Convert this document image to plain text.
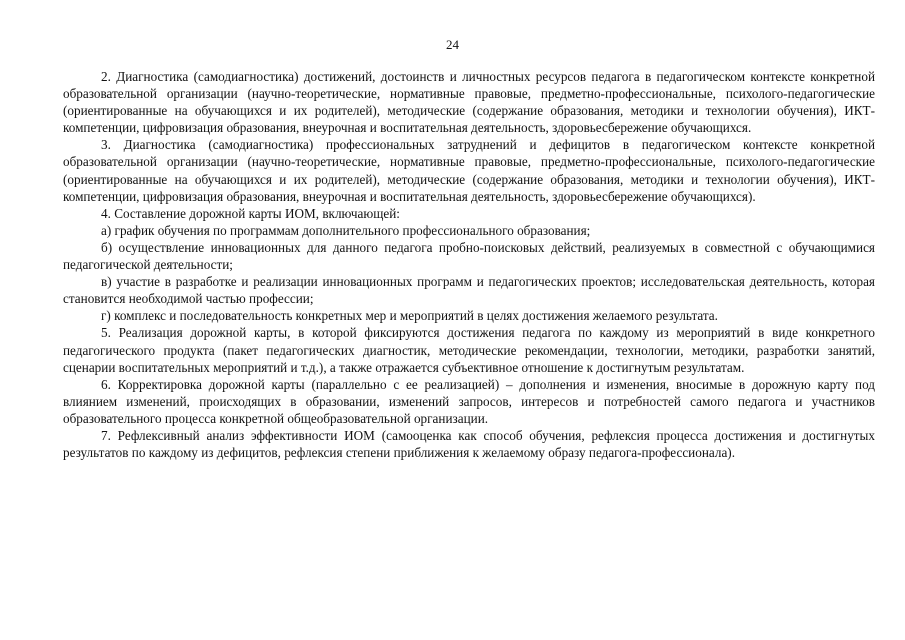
24

2. Диагностика (самодиагностика) достижений, достоинств и личностных ресурсов педагога в педагогическом контексте конкретной образовательной организации (научно-теоретические, нормативные правовые, предметно-профессиональные, психолого-педагогические (ориентированные на обучающихся и их родителей), методические (содержание образования, методики и технологии обучения), ИКТ-компетенции, цифровизация образования, внеурочная и воспитательная деятельность, здоровьесбережение обучающихся.

3. Диагностика (самодиагностика) профессиональных затруднений и дефицитов в педагогическом контексте конкретной образовательной организации (научно-теоретические, нормативные правовые, предметно-профессиональные, психолого-педагогические (ориентированные на обучающихся и их родителей), методические (содержание образования, методики и технологии обучения), ИКТ-компетенции, цифровизация образования, внеурочная и воспитательная деятельность, здоровьесбережение обучающихся).

4. Составление дорожной карты ИОМ, включающей:

а) график обучения по программам дополнительного профессионального образования;

б) осуществление инновационных для данного педагога пробно-поисковых действий, реализуемых в совместной с обучающимися педагогической деятельности;

в) участие в разработке и реализации инновационных программ и педагогических проектов; исследовательская деятельность, которая становится необходимой частью профессии;

г) комплекс и последовательность конкретных мер и мероприятий в целях достижения желаемого результата.

5. Реализация дорожной карты, в которой фиксируются достижения педагога по каждому из мероприятий в виде конкретного педагогического продукта (пакет педагогических диагностик, методические рекомендации, технологии, методики, разработки занятий, сценарии воспитательных мероприятий и т.д.), а также отражается субъективное отношение к достигнутым результатам.

6. Корректировка дорожной карты (параллельно с ее реализацией) – дополнения и изменения, вносимые в дорожную карту под влиянием изменений, происходящих в образовании, изменений запросов, интересов и потребностей самого педагога и участников образовательного процесса конкретной общеобразовательной организации.

7. Рефлексивный анализ эффективности ИОМ (самооценка как способ обучения, рефлексия процесса достижения и достигнутых результатов по каждому из дефицитов, рефлексия степени приближения к желаемому образу педагога-профессионала).
